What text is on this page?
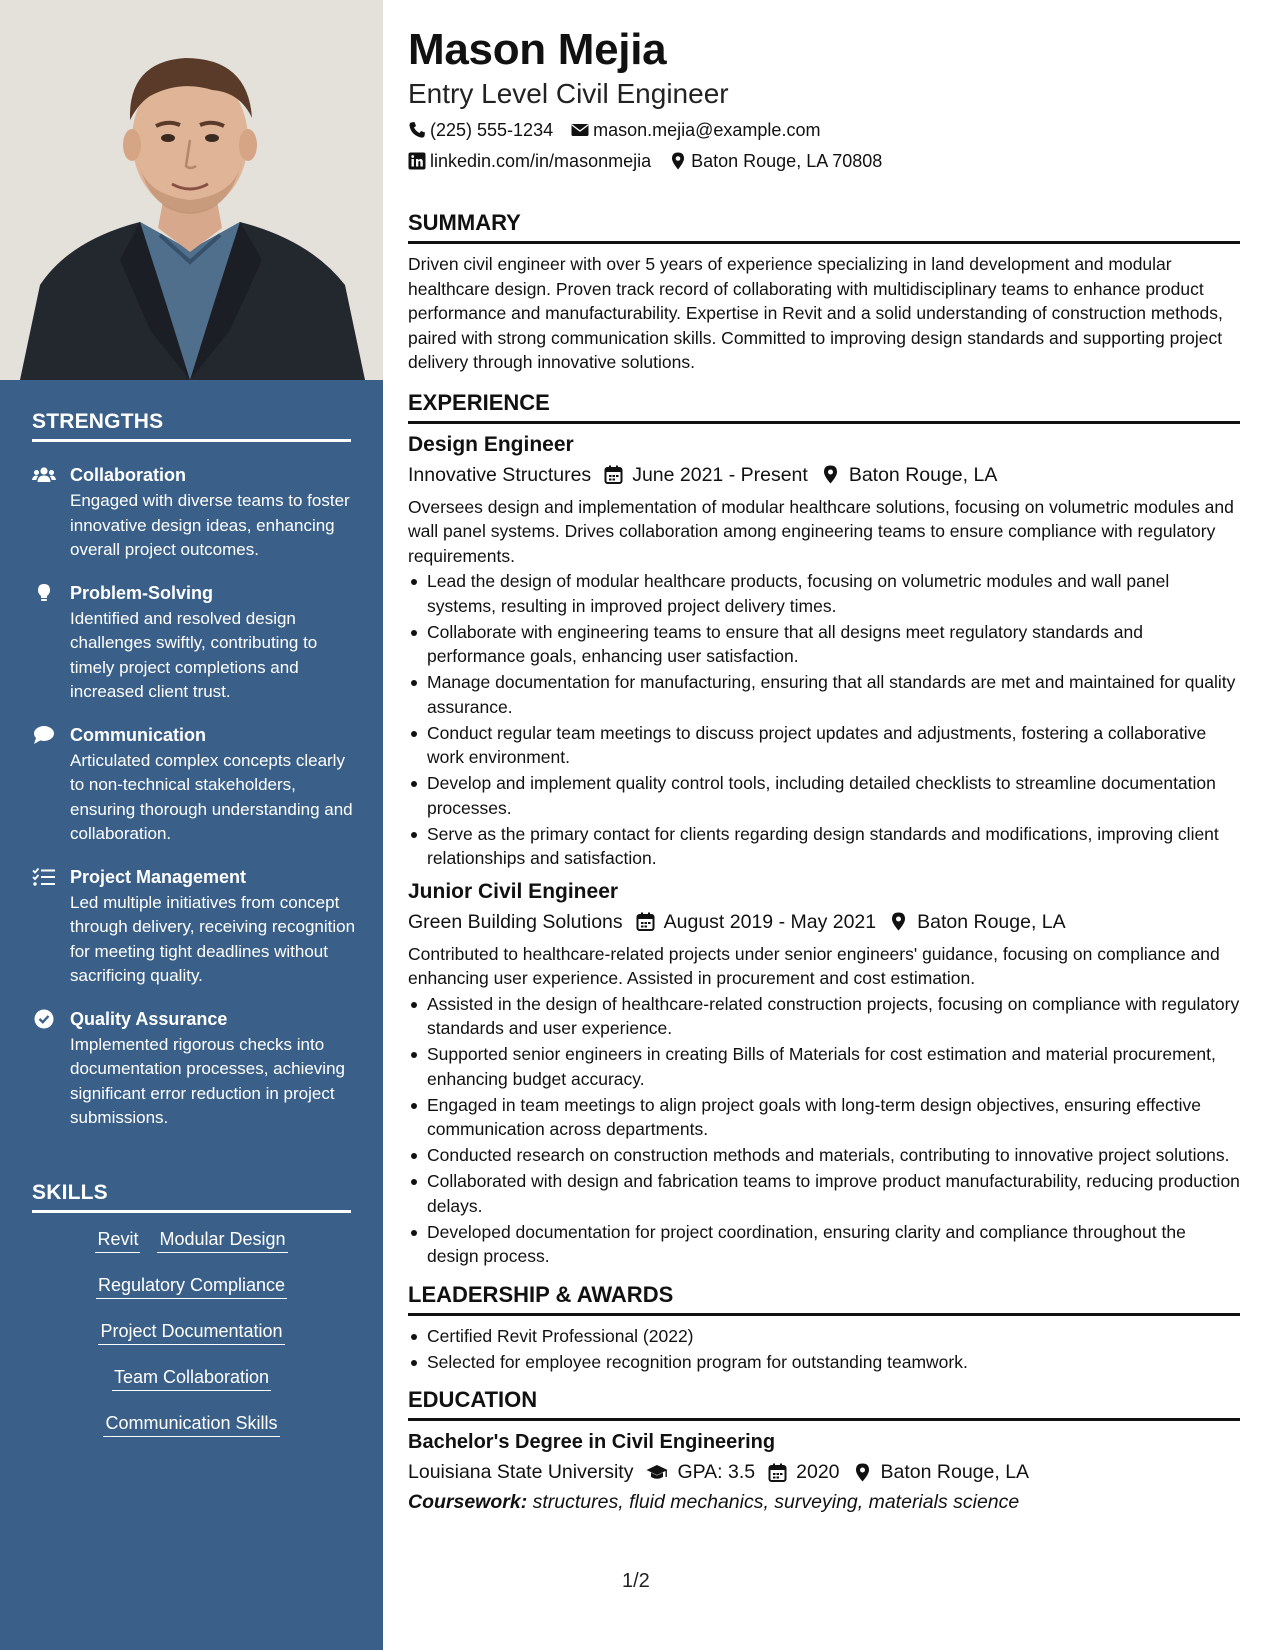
STRENGTHS
Collaboration
Engaged with diverse teams to foster innovative design ideas, enhancing overall project outcomes.
Problem-Solving
Identified and resolved design challenges swiftly, contributing to timely project completions and increased client trust.
Communication
Articulated complex concepts clearly to non-technical stakeholders, ensuring thorough understanding and collaboration.
Project Management
Led multiple initiatives from concept through delivery, receiving recognition for meeting tight deadlines without sacrificing quality.
Quality Assurance
Implemented rigorous checks into documentation processes, achieving significant error reduction in project submissions.
SKILLS
Revit Modular Design
Regulatory Compliance
Project Documentation
Team Collaboration
Communication Skills
Mason Mejia
Entry Level Civil Engineer
(225) 555-1234 mason.mejia@example.com
linkedin.com/in/masonmejia Baton Rouge, LA 70808
SUMMARY
Driven civil engineer with over 5 years of experience specializing in land development and modular healthcare design. Proven track record of collaborating with multidisciplinary teams to enhance product performance and manufacturability. Expertise in Revit and a solid understanding of construction methods, paired with strong communication skills. Committed to improving design standards and supporting project delivery through innovative solutions.
EXPERIENCE
Design Engineer
Innovative Structures June 2021 - Present Baton Rouge, LA
Oversees design and implementation of modular healthcare solutions, focusing on volumetric modules and wall panel systems. Drives collaboration among engineering teams to ensure compliance with regulatory requirements.
Lead the design of modular healthcare products, focusing on volumetric modules and wall panel systems, resulting in improved project delivery times.
Collaborate with engineering teams to ensure that all designs meet regulatory standards and performance goals, enhancing user satisfaction.
Manage documentation for manufacturing, ensuring that all standards are met and maintained for quality assurance.
Conduct regular team meetings to discuss project updates and adjustments, fostering a collaborative work environment.
Develop and implement quality control tools, including detailed checklists to streamline documentation processes.
Serve as the primary contact for clients regarding design standards and modifications, improving client relationships and satisfaction.
Junior Civil Engineer
Green Building Solutions August 2019 - May 2021 Baton Rouge, LA
Contributed to healthcare-related projects under senior engineers' guidance, focusing on compliance and enhancing user experience. Assisted in procurement and cost estimation.
Assisted in the design of healthcare-related construction projects, focusing on compliance with regulatory standards and user experience.
Supported senior engineers in creating Bills of Materials for cost estimation and material procurement, enhancing budget accuracy.
Engaged in team meetings to align project goals with long-term design objectives, ensuring effective communication across departments.
Conducted research on construction methods and materials, contributing to innovative project solutions.
Collaborated with design and fabrication teams to improve product manufacturability, reducing production delays.
Developed documentation for project coordination, ensuring clarity and compliance throughout the design process.
LEADERSHIP & AWARDS
Certified Revit Professional (2022)
Selected for employee recognition program for outstanding teamwork.
EDUCATION
Bachelor's Degree in Civil Engineering
Louisiana State University GPA: 3.5 2020 Baton Rouge, LA
Coursework: structures, fluid mechanics, surveying, materials science
1/2
